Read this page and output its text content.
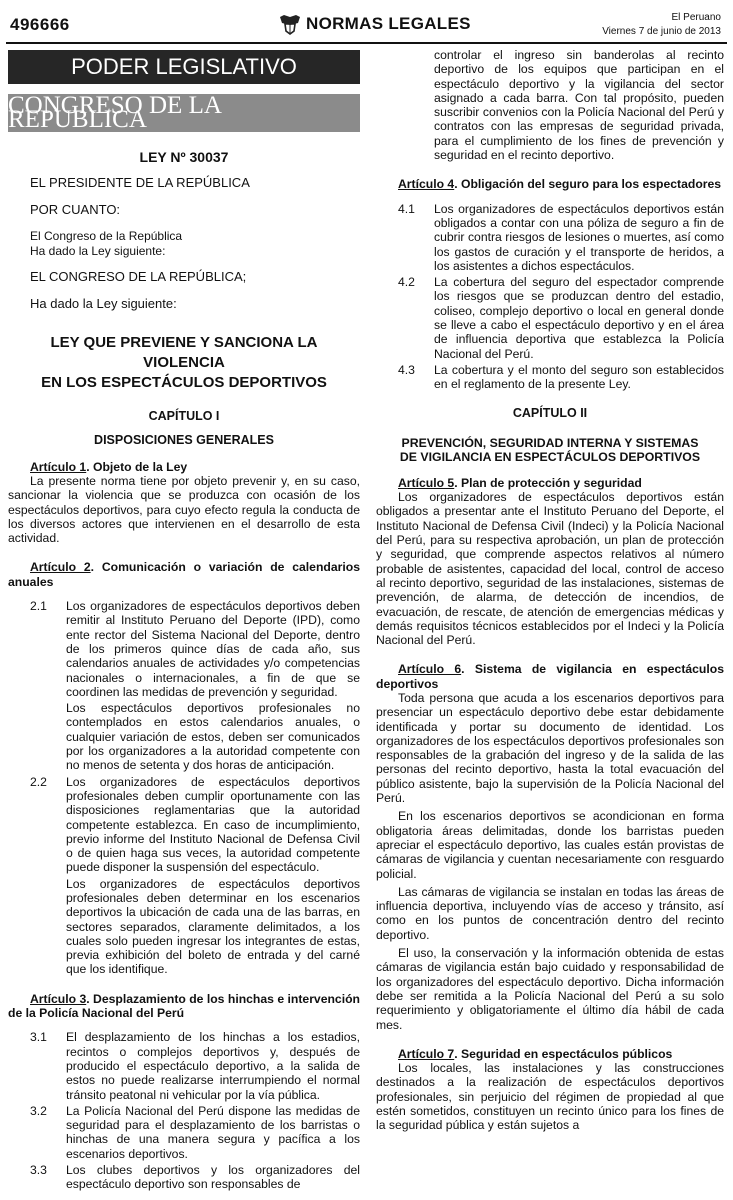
496666	NORMAS LEGALES	El Peruano
Viernes 7 de junio de 2013
PODER LEGISLATIVO
CONGRESO DE LA REPUBLICA
LEY Nº 30037
EL PRESIDENTE DE LA REPÚBLICA
POR CUANTO:
El Congreso de la República
Ha dado la Ley siguiente:
EL CONGRESO DE LA REPÚBLICA;
Ha dado la Ley siguiente:
LEY QUE PREVIENE Y SANCIONA LA VIOLENCIA
EN LOS ESPECTÁCULOS DEPORTIVOS
CAPÍTULO I
DISPOSICIONES GENERALES
Artículo 1. Objeto de la Ley
La presente norma tiene por objeto prevenir y, en su caso, sancionar la violencia que se produzca con ocasión de los espectáculos deportivos, para cuyo efecto regula la conducta de los diversos actores que intervienen en el desarrollo de esta actividad.
Artículo 2. Comunicación o variación de calendarios anuales
2.1	Los organizadores de espectáculos deportivos deben remitir al Instituto Peruano del Deporte (IPD), como ente rector del Sistema Nacional del Deporte, dentro de los primeros quince días de cada año, sus calendarios anuales de actividades y/o competencias nacionales o internacionales, a fin de que se coordinen las medidas de prevención y seguridad.
Los espectáculos deportivos profesionales no contemplados en estos calendarios anuales, o cualquier variación de estos, deben ser comunicados por los organizadores a la autoridad competente con no menos de setenta y dos horas de anticipación.
2.2	Los organizadores de espectáculos deportivos profesionales deben cumplir oportunamente con las disposiciones reglamentarias que la autoridad competente establezca. En caso de incumplimiento, previo informe del Instituto Nacional de Defensa Civil o de quien haga sus veces, la autoridad competente puede disponer la suspensión del espectáculo.
Los organizadores de espectáculos deportivos profesionales deben determinar en los escenarios deportivos la ubicación de cada una de las barras, en sectores separados, claramente delimitados, a los cuales solo pueden ingresar los integrantes de estas, previa exhibición del boleto de entrada y del carné que los identifique.
Artículo 3. Desplazamiento de los hinchas e intervención de la Policía Nacional del Perú
3.1	El desplazamiento de los hinchas a los estadios, recintos o complejos deportivos y, después de producido el espectáculo deportivo, a la salida de estos no puede realizarse interrumpiendo el normal tránsito peatonal ni vehicular por la vía pública.
3.2	La Policía Nacional del Perú dispone las medidas de seguridad para el desplazamiento de los barristas o hinchas de una manera segura y pacífica a los escenarios deportivos.
3.3	Los clubes deportivos y los organizadores del espectáculo deportivo son responsables de
controlar el ingreso sin banderolas al recinto deportivo de los equipos que participan en el espectáculo deportivo y la vigilancia del sector asignado a cada barra. Con tal propósito, pueden suscribir convenios con la Policía Nacional del Perú y contratos con las empresas de seguridad privada, para el cumplimiento de los fines de prevención y seguridad en el recinto deportivo.
Artículo 4. Obligación del seguro para los espectadores
4.1	Los organizadores de espectáculos deportivos están obligados a contar con una póliza de seguro a fin de cubrir contra riesgos de lesiones o muertes, así como los gastos de curación y el transporte de heridos, a los asistentes a dichos espectáculos.
4.2	La cobertura del seguro del espectador comprende los riesgos que se produzcan dentro del estadio, coliseo, complejo deportivo o local en general donde se lleve a cabo el espectáculo deportivo y en el área de influencia deportiva que establezca la Policía Nacional del Perú.
4.3	La cobertura y el monto del seguro son establecidos en el reglamento de la presente Ley.
CAPÍTULO II
PREVENCIÓN, SEGURIDAD INTERNA Y SISTEMAS
DE VIGILANCIA EN ESPECTÁCULOS DEPORTIVOS
Artículo 5. Plan de protección y seguridad
Los organizadores de espectáculos deportivos están obligados a presentar ante el Instituto Peruano del Deporte, el Instituto Nacional de Defensa Civil (Indeci) y la Policía Nacional del Perú, para su respectiva aprobación, un plan de protección y seguridad, que comprende aspectos relativos al número probable de asistentes, capacidad del local, control de acceso al recinto deportivo, seguridad de las instalaciones, sistemas de prevención, de alarma, de detección de incendios, de evacuación, de rescate, de atención de emergencias médicas y demás requisitos técnicos establecidos por el Indeci y la Policía Nacional del Perú.
Artículo 6. Sistema de vigilancia en espectáculos deportivos
Toda persona que acuda a los escenarios deportivos para presenciar un espectáculo deportivo debe estar debidamente identificada y portar su documento de identidad. Los organizadores de los espectáculos deportivos profesionales son responsables de la grabación del ingreso y de la salida de las personas del recinto deportivo, hasta la total evacuación del público asistente, bajo la supervisión de la Policía Nacional del Perú.
En los escenarios deportivos se acondicionan en forma obligatoria áreas delimitadas, donde los barristas pueden apreciar el espectáculo deportivo, las cuales están provistas de cámaras de vigilancia y cuentan necesariamente con resguardo policial.
Las cámaras de vigilancia se instalan en todas las áreas de influencia deportiva, incluyendo vías de acceso y tránsito, así como en los puntos de concentración dentro del recinto deportivo.
El uso, la conservación y la información obtenida de estas cámaras de vigilancia están bajo cuidado y responsabilidad de los organizadores del espectáculo deportivo. Dicha información debe ser remitida a la Policía Nacional del Perú a su solo requerimiento y obligatoriamente el último día hábil de cada mes.
Artículo 7. Seguridad en espectáculos públicos
Los locales, las instalaciones y las construcciones destinados a la realización de espectáculos deportivos profesionales, sin perjuicio del régimen de propiedad al que estén sometidos, constituyen un recinto único para los fines de la seguridad pública y están sujetos a
